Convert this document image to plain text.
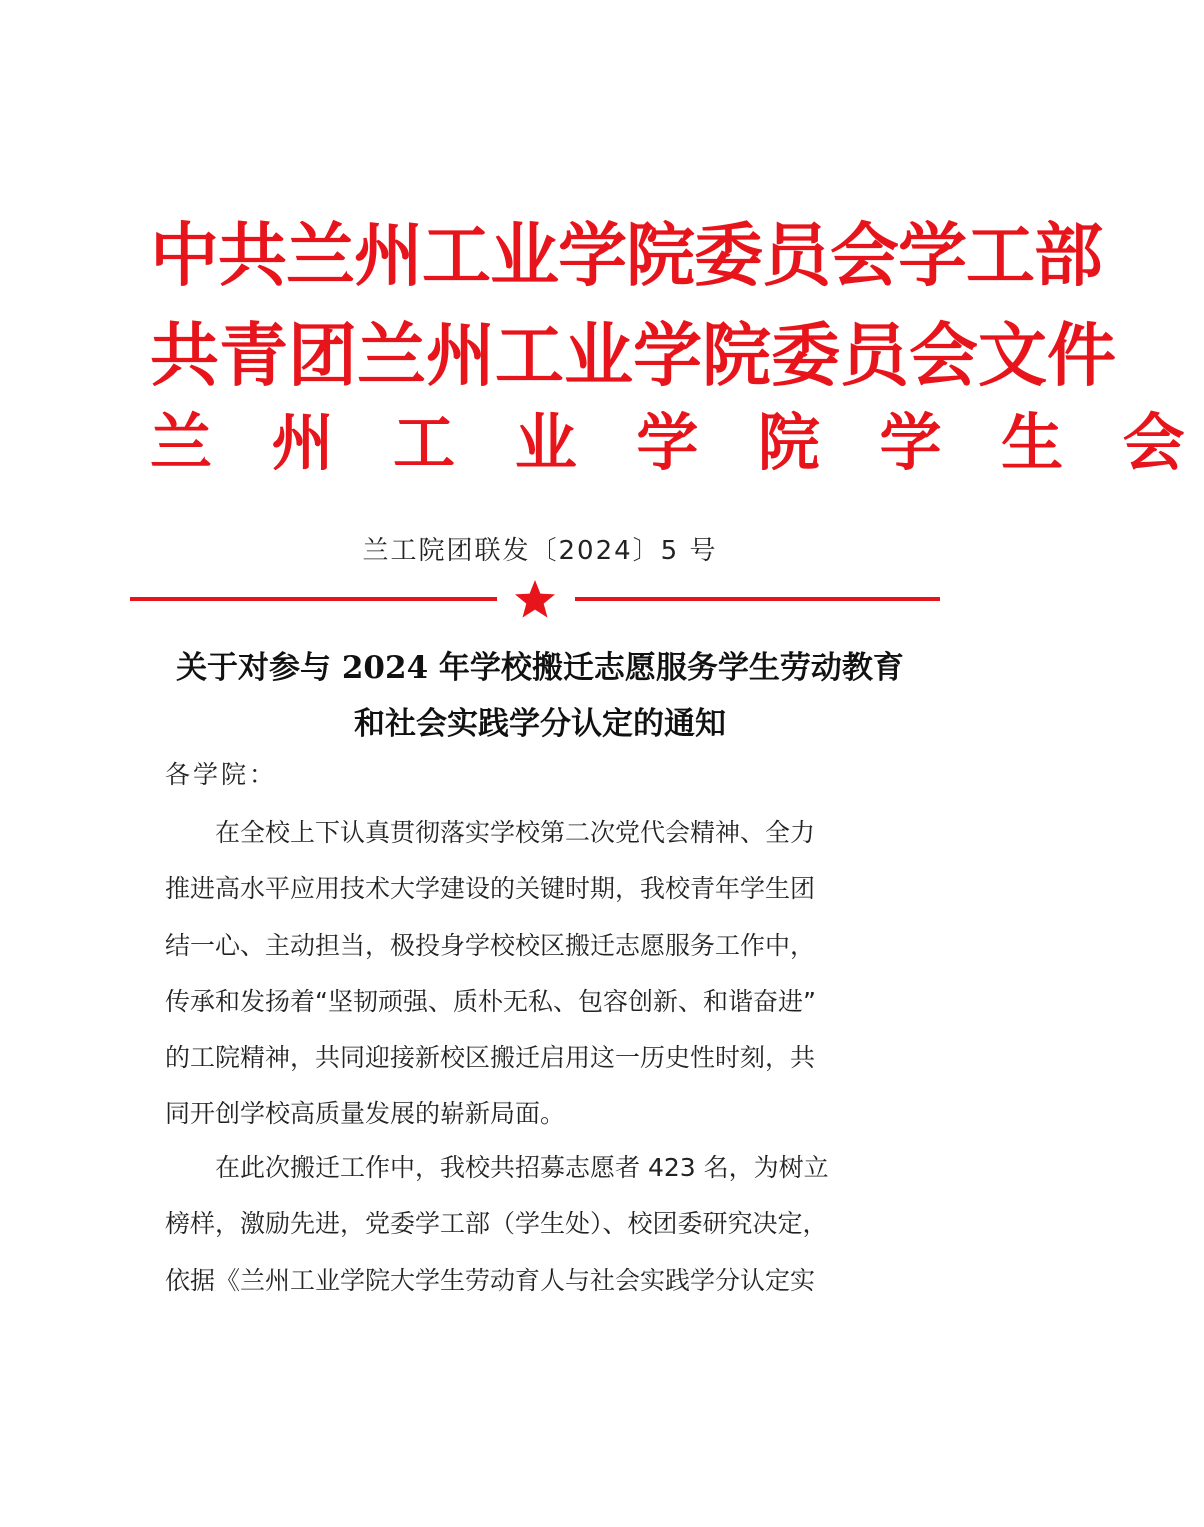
中共兰州工业学院委员会学工部
共青团兰州工业学院委员会文件
兰 州 工 业 学 院 学 生 会
兰工院团联发〔2024〕5 号
关于对参与 2024 年学校搬迁志愿服务学生劳动教育
和社会实践学分认定的通知
各学院：
　　在全校上下认真贯彻落实学校第二次党代会精神、全力
推进高水平应用技术大学建设的关键时期，我校青年学生团
结一心、主动担当，极投身学校校区搬迁志愿服务工作中，
传承和发扬着“坚韧顽强、质朴无私、包容创新、和谐奋进”
的工院精神，共同迎接新校区搬迁启用这一历史性时刻，共
同开创学校高质量发展的崭新局面。
　　在此次搬迁工作中，我校共招募志愿者 423 名，为树立
榜样，激励先进，党委学工部（学生处）、校团委研究决定，
依据《兰州工业学院大学生劳动育人与社会实践学分认定实
